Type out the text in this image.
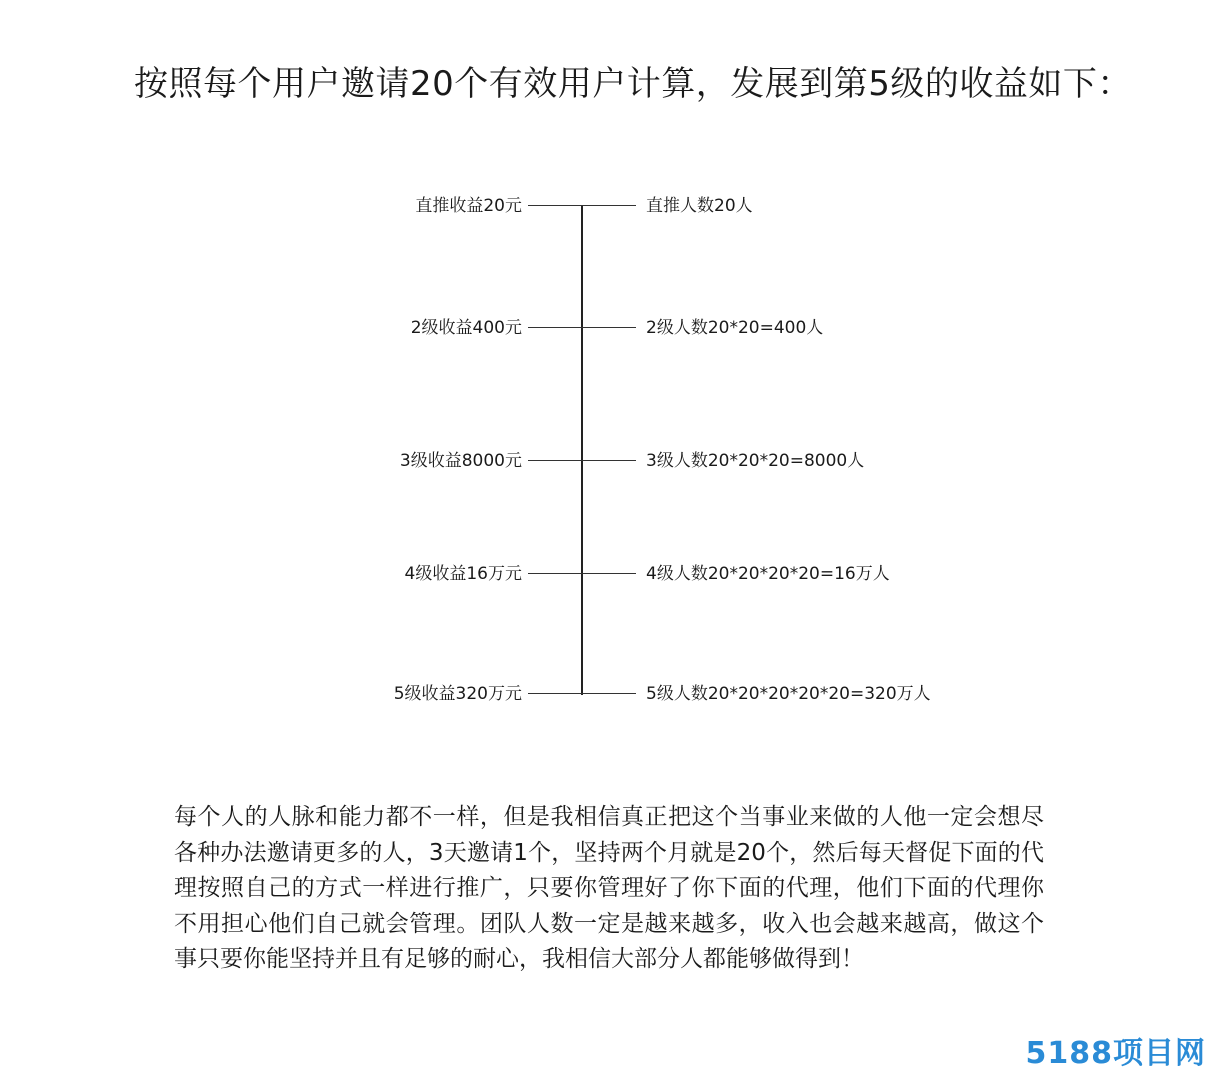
按照每个用户邀请20个有效用户计算，发展到第5级的收益如下：
直推收益20元	直推人数20人
2级收益400元	2级人数20*20=400人
3级收益8000元	3级人数20*20*20=8000人
4级收益16万元	4级人数20*20*20*20=16万人
5级收益320万元	5级人数20*20*20*20*20=320万人
每个人的人脉和能力都不一样，但是我相信真正把这个当事业来做的人他一定会想尽各种办法邀请更多的人，3天邀请1个，坚持两个月就是20个，然后每天督促下面的代理按照自己的方式一样进行推广，只要你管理好了你下面的代理，他们下面的代理你不用担心他们自己就会管理。团队人数一定是越来越多，收入也会越来越高，做这个事只要你能坚持并且有足够的耐心，我相信大部分人都能够做得到！
5188项目网
